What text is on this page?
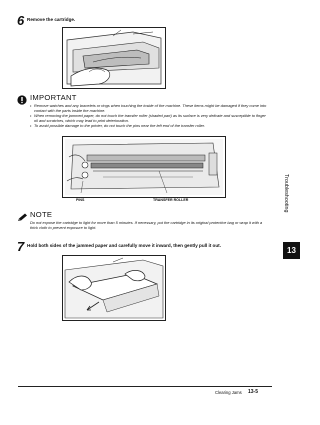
6 Remove the cartridge.
IMPORTANT
• Remove watches and any bracelets or rings when touching the inside of the machine. These items might be damaged if they come into contact with the parts inside the machine.
• When removing the jammed paper, do not touch the transfer roller (shaded part) as its surface is very delicate and susceptible to finger oil and scratches, which may lead to print deterioration.
• To avoid possible damage to the printer, do not touch the pins near the left end of the transfer roller.
PINS	TRANSFER ROLLER
NOTE
Do not expose the cartridge to light for more than 5 minutes. If necessary, put the cartridge in its original protective bag or wrap it with a thick cloth to prevent exposure to light.
7 Hold both sides of the jammed paper and carefully move it inward, then gently pull it out.
Troubleshooting
13
Clearing Jams 13-5
